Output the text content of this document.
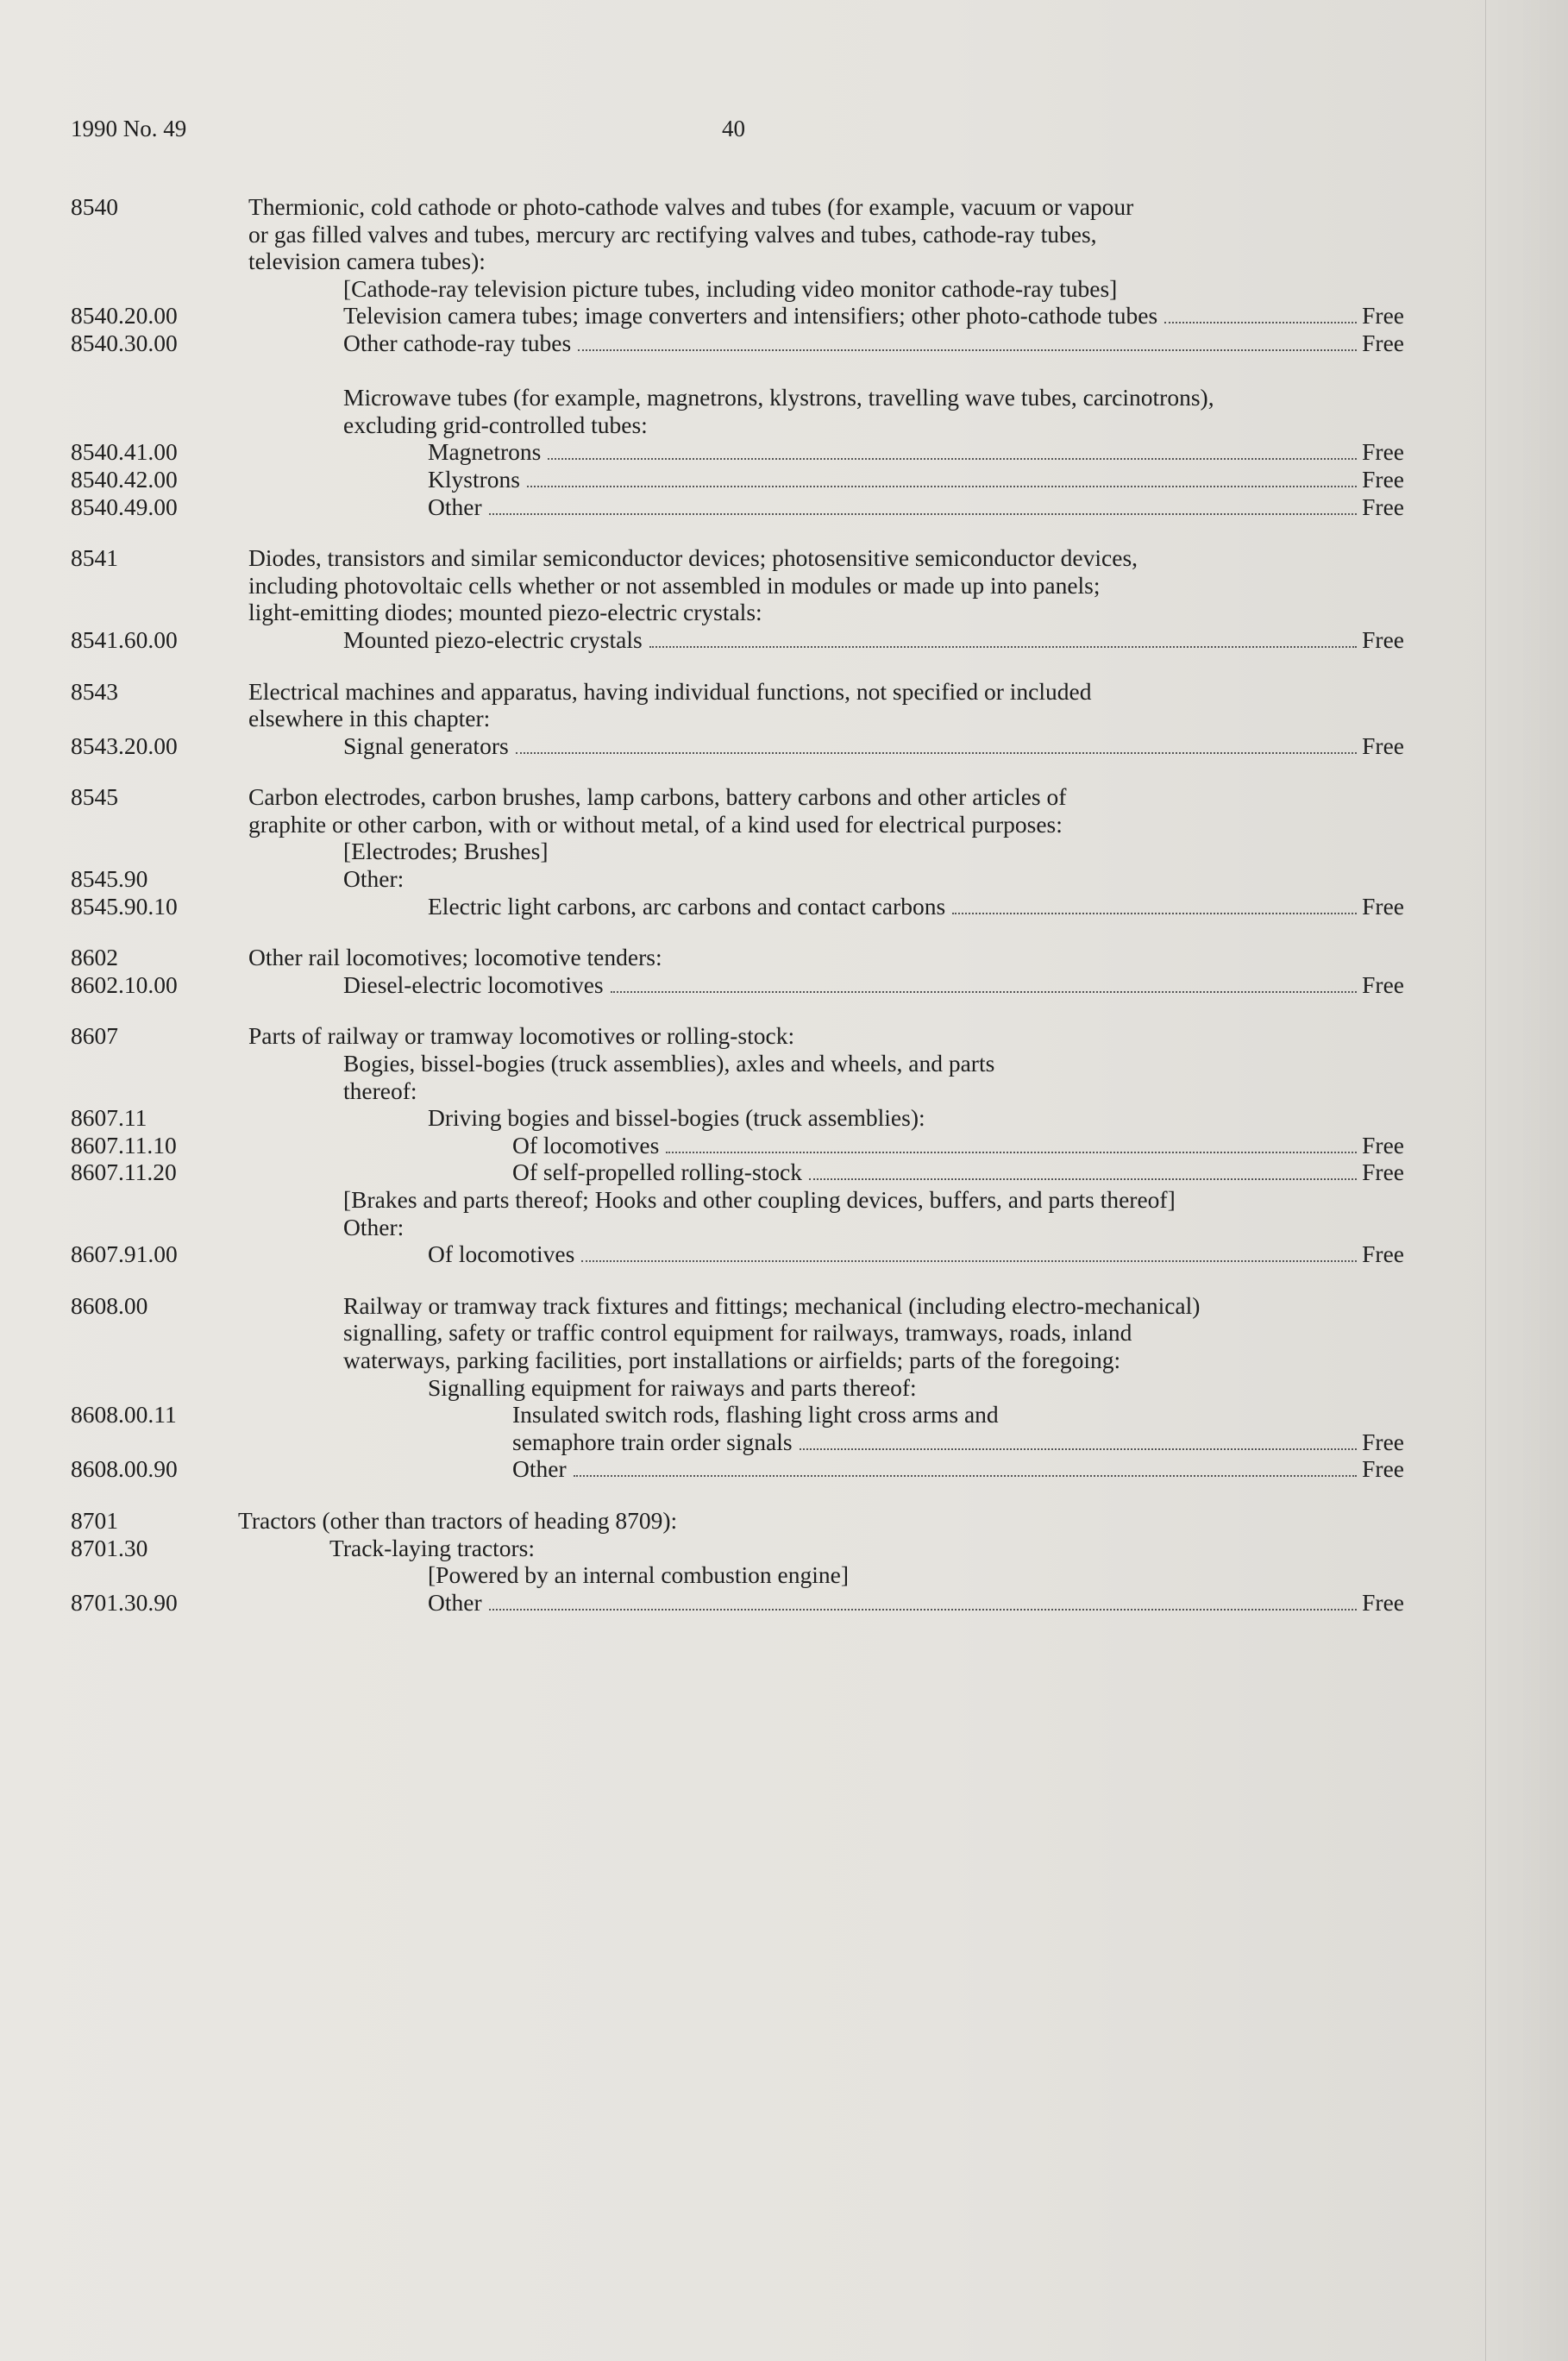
1990 No. 49	40
8540	Thermionic, cold cathode or photo-cathode valves and tubes (for example, vacuum or vapour
or gas filled valves and tubes, mercury arc rectifying valves and tubes, cathode-ray tubes,
television camera tubes):
[Cathode-ray television picture tubes, including video monitor cathode-ray tubes]
8540.20.00	Television camera tubes; image converters and intensifiers; other photo-cathode tubes	Free
8540.30.00	Other cathode-ray tubes	Free
Microwave tubes (for example, magnetrons, klystrons, travelling wave tubes, carcinotrons),
excluding grid-controlled tubes:
8540.41.00	Magnetrons	Free
8540.42.00	Klystrons	Free
8540.49.00	Other	Free
8541	Diodes, transistors and similar semiconductor devices; photosensitive semiconductor devices,
including photovoltaic cells whether or not assembled in modules or made up into panels;
light-emitting diodes; mounted piezo-electric crystals:
8541.60.00	Mounted piezo-electric crystals	Free
8543	Electrical machines and apparatus, having individual functions, not specified or included
elsewhere in this chapter:
8543.20.00	Signal generators	Free
8545	Carbon electrodes, carbon brushes, lamp carbons, battery carbons and other articles of
graphite or other carbon, with or without metal, of a kind used for electrical purposes:
[Electrodes; Brushes]
8545.90	Other:
8545.90.10	Electric light carbons, arc carbons and contact carbons	Free
8602	Other rail locomotives; locomotive tenders:
8602.10.00	Diesel-electric locomotives	Free
8607	Parts of railway or tramway locomotives or rolling-stock:
Bogies, bissel-bogies (truck assemblies), axles and wheels, and parts
thereof:
8607.11	Driving bogies and bissel-bogies (truck assemblies):
8607.11.10	Of locomotives	Free
8607.11.20	Of self-propelled rolling-stock	Free
[Brakes and parts thereof; Hooks and other coupling devices, buffers, and parts thereof]
Other:
8607.91.00	Of locomotives	Free
8608.00	Railway or tramway track fixtures and fittings; mechanical (including electro-mechanical)
signalling, safety or traffic control equipment for railways, tramways, roads, inland
waterways, parking facilities, port installations or airfields; parts of the foregoing:
Signalling equipment for raiways and parts thereof:
8608.00.11	Insulated switch rods, flashing light cross arms and
semaphore train order signals	Free
8608.00.90	Other	Free
8701	Tractors (other than tractors of heading 8709):
8701.30	Track-laying tractors:
[Powered by an internal combustion engine]
8701.30.90	Other	Free
